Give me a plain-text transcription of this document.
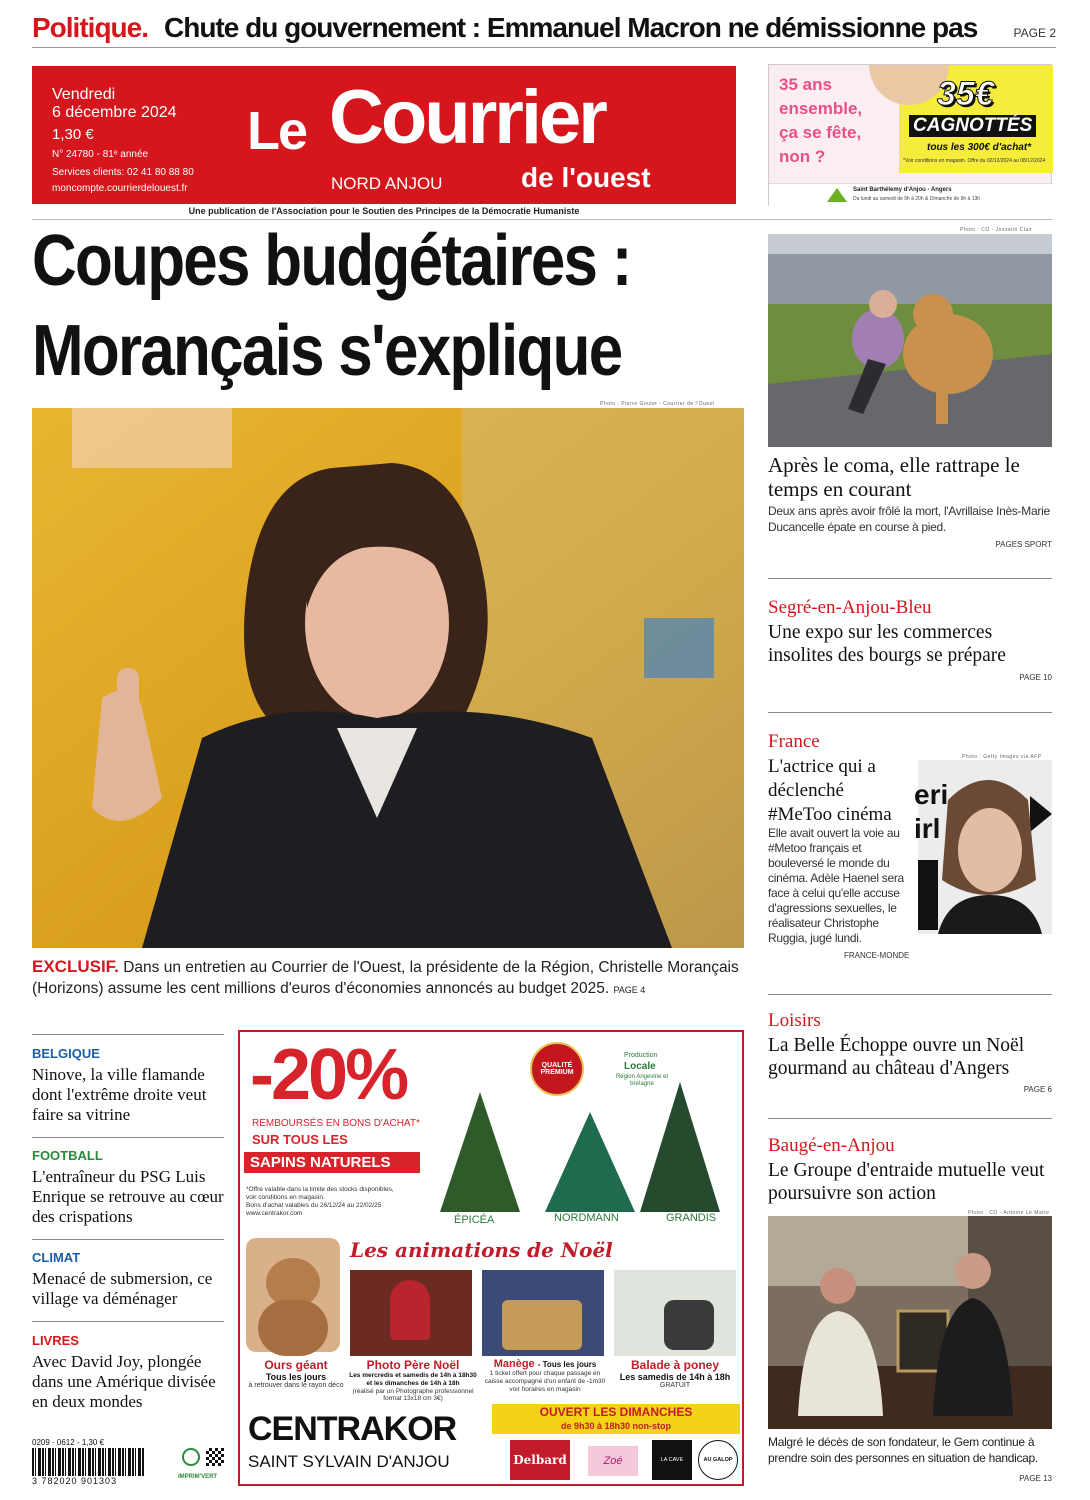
Politique. Chute du gouvernement : Emmanuel Macron ne démissionne pas	PAGE 2
Vendredi
6 décembre 2024
1,30 €
N° 24780 - 81ᵉ année
Services clients: 02 41 80 88 80
moncompte.courrierdelouest.fr
Le Courrier
de l'ouest
NORD ANJOU
Une publication de l'Association pour le Soutien des Principes de la Démocratie Humaniste
35 ans
ensemble,
ça se fête,
non ?
35€
CAGNOTTÉS
tous les 300€ d'achat*
*Voir conditions en magasin. Offre du 02/12/2024 au 08/12/2024
Saint Barthélemy d'Anjou - Angers
Du lundi au samedi de 9h à 20h & Dimanche de 9h à 13h
Coupes budgétaires :
Morançais s'explique
Photo : Pierre Goulet - Courrier de l'Ouest
EXCLUSIF. Dans un entretien au Courrier de l'Ouest, la présidente de la Région, Christelle Morançais (Horizons) assume les cent millions d'euros d'économies annoncés au budget 2025. PAGE 4
Photo : CO - Josselin Clair
Après le coma, elle rattrape le temps en courant
Deux ans après avoir frôlé la mort, l'Avrillaise Inès-Marie Ducancelle épate en course à pied.
PAGES SPORT
Segré-en-Anjou-Bleu
Une expo sur les commerces insolites des bourgs se prépare
PAGE 10
France
L'actrice qui a déclenché #MeToo cinéma
Elle avait ouvert la voie au #Metoo français et bouleversé le monde du cinéma. Adèle Haenel sera face à celui qu'elle accuse d'agressions sexuelles, le réalisateur Christophe Ruggia, jugé lundi.
FRANCE-MONDE
Photo : Getty Images via AFP
eri
irl
Loisirs
La Belle Échoppe ouvre un Noël gourmand au château d'Angers
PAGE 6
Baugé-en-Anjou
Le Groupe d'entraide mutuelle veut poursuivre son action
Photo : CO - Antoine Le Matre
Malgré le décès de son fondateur, le Gem continue à prendre soin des personnes en situation de handicap.
PAGE 13
BELGIQUE
Ninove, la ville flamande dont l'extrême droite veut faire sa vitrine
FOOTBALL
L'entraîneur du PSG Luis Enrique se retrouve au cœur des crispations
CLIMAT
Menacé de submersion, ce village va déménager
LIVRES
Avec David Joy, plongée dans une Amérique divisée en deux mondes
0209 - 0612 - 1,30 €
3 782020 901303	IMPRIM'VERT
-20%
REMBOURSÉS EN BONS D'ACHAT*
SUR TOUS LES
SAPINS NATURELS
*Offre valable dans la limite des stocks disponibles,
voir conditions en magasin.
Bons d'achat valables du 26/12/24 au 22/02/25
www.centrakor.com
QUALITÉ PREMIUM
Production
Locale
Région Angevine et bretagne
ÉPICÉA	NORDMANN	GRANDIS
Les animations de Noël
Ours géant
Tous les jours
à retrouver dans le rayon déco
Photo Père Noël
Les mercredis et samedis de 14h à 18h30 et les dimanches de 14h à 18h
(réalisé par un Photographe professionnel format 13x18 cm 3€)
Manège - Tous les jours
1 ticket offert pour chaque passage en caisse accompagné d'un enfant de -1m30 voir horaires en magasin
Balade à poney
Les samedis de 14h à 18h
GRATUIT
OUVERT LES DIMANCHES
de 9h30 à 18h30 non-stop
CENTRAKOR
SAINT SYLVAIN D'ANJOU	Delbard	Zoé	LA CAVE	AU GALOP
